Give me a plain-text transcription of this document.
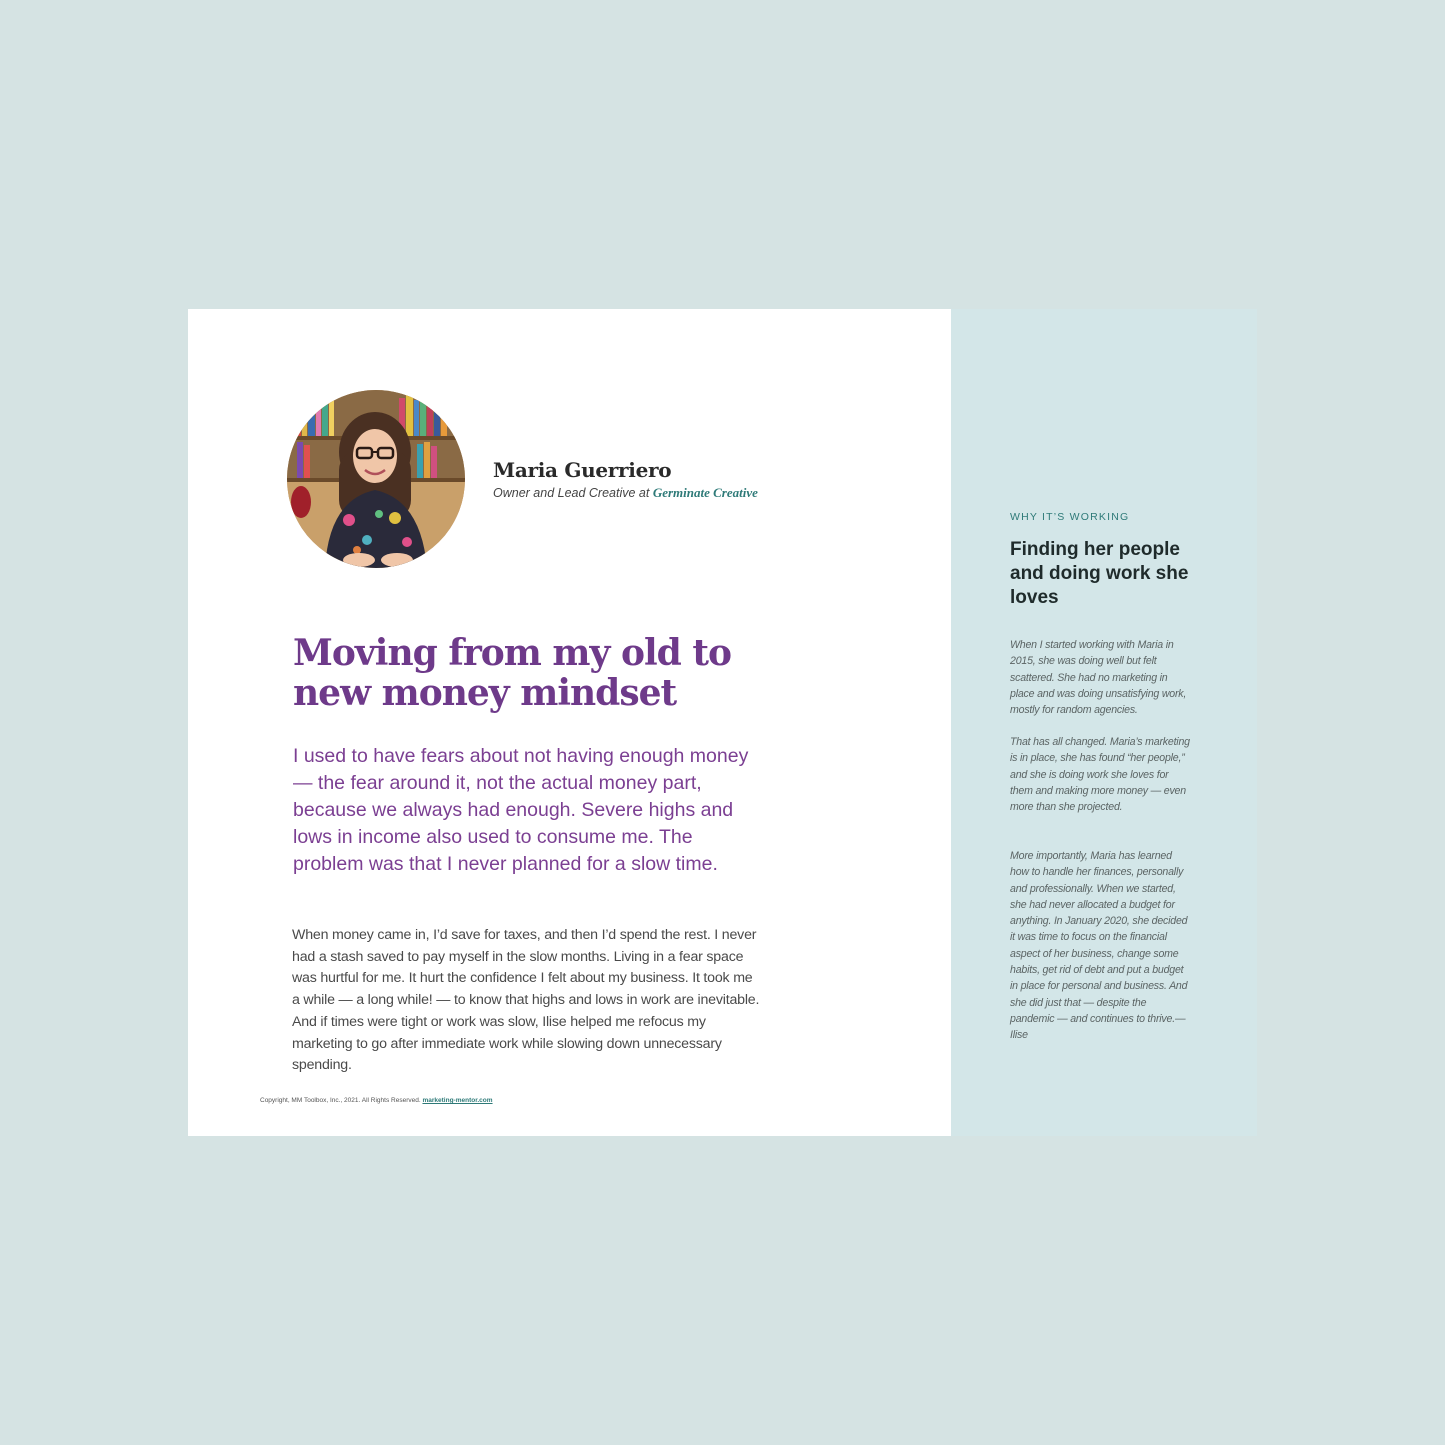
Maria Guerriero
Owner and Lead Creative at Germinate Creative
Moving from my old to new money mindset

I used to have fears about not having enough money — the fear around it, not the actual money part, because we always had enough. Severe highs and lows in income also used to consume me. The problem was that I never planned for a slow time.

When money came in, I’d save for taxes, and then I’d spend the rest. I never had a stash saved to pay myself in the slow months. Living in a fear space was hurtful for me. It hurt the confidence I felt about my business. It took me a while — a long while! — to know that highs and lows in work are inevitable. And if times were tight or work was slow, Ilise helped me refocus my marketing to go after immediate work while slowing down unnecessary spending.

Copyright, MM Toolbox, Inc., 2021. All Rights Reserved. marketing-mentor.com
WHY IT’S WORKING
Finding her people and doing work she loves

When I started working with Maria in 2015, she was doing well but felt scattered. She had no marketing in place and was doing unsatisfying work, mostly for random agencies.

That has all changed. Maria’s marketing is in place, she has found “her people,” and she is doing work she loves for them and making more money — even more than she projected.

More importantly, Maria has learned how to handle her finances, personally and professionally. When we started, she had never allocated a budget for anything. In January 2020, she decided it was time to focus on the financial aspect of her business, change some habits, get rid of debt and put a budget in place for personal and business. And she did just that — despite the pandemic — and continues to thrive.— Ilise
